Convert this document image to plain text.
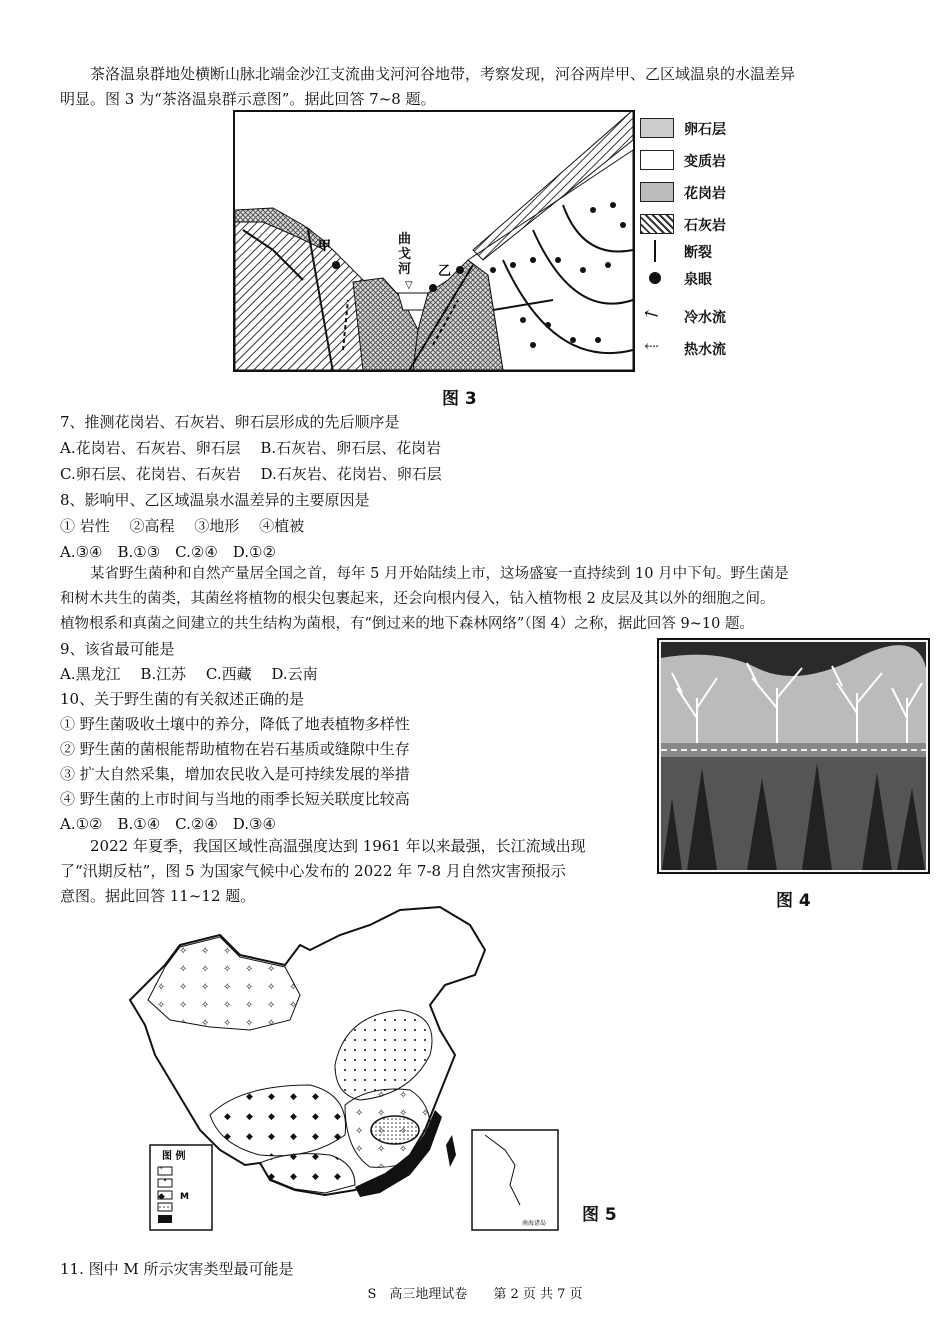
茶洛温泉群地处横断山脉北端金沙江支流曲戈河河谷地带，考察发现，河谷两岸甲、乙区域温泉的水温差异

明显。图 3 为“茶洛温泉群示意图”。据此回答 7~8 题。

▽
甲
乙
曲戈河
卵石层
变质岩
花岗岩
石灰岩
断裂
泉眼
↖ 冷水流
⇠ 热水流
图 3

7、推测花岗岩、石灰岩、卵石层形成的先后顺序是

A.花岗岩、石灰岩、卵石层　 B.石灰岩、卵石层、花岗岩

C.卵石层、花岗岩、石灰岩　 D.石灰岩、花岗岩、卵石层

8、影响甲、乙区域温泉水温差异的主要原因是

① 岩性　 ②高程　 ③地形　 ④植被

A.③④　B.①③　C.②④　D.①②

某省野生菌种和自然产量居全国之首，每年 5 月开始陆续上市，这场盛宴一直持续到 10 月中下旬。野生菌是

和树木共生的菌类，其菌丝将植物的根尖包裹起来，还会向根内侵入，钻入植物根 2 皮层及其以外的细胞之间。

植物根系和真菌之间建立的共生结构为菌根，有“倒过来的地下森林网络”（图 4）之称，据此回答 9~10 题。

9、该省最可能是

A.黑龙江　 B.江苏　 C.西藏　 D.云南

10、关于野生菌的有关叙述正确的是

① 野生菌吸收土壤中的养分，降低了地表植物多样性

② 野生菌的菌根能帮助植物在岩石基质或缝隙中生存

③ 扩大自然采集，增加农民收入是可持续发展的举措

④ 野生菌的上市时间与当地的雨季长短关联度比较高

A.①②　B.①④　C.②④　D.③④

图 4

2022 年夏季，我国区域性高温强度达到 1961 年以来最强，长江流域出现

了“汛期反枯”，图 5 为国家气候中心发布的 2022 年 7-8 月自然灾害预报示

意图。据此回答 11~12 题。

图 例
M
南海诸岛 图 5

11. 图中 M 所示灾害类型最可能是

S　高三地理试卷　　第 2 页 共 7 页
